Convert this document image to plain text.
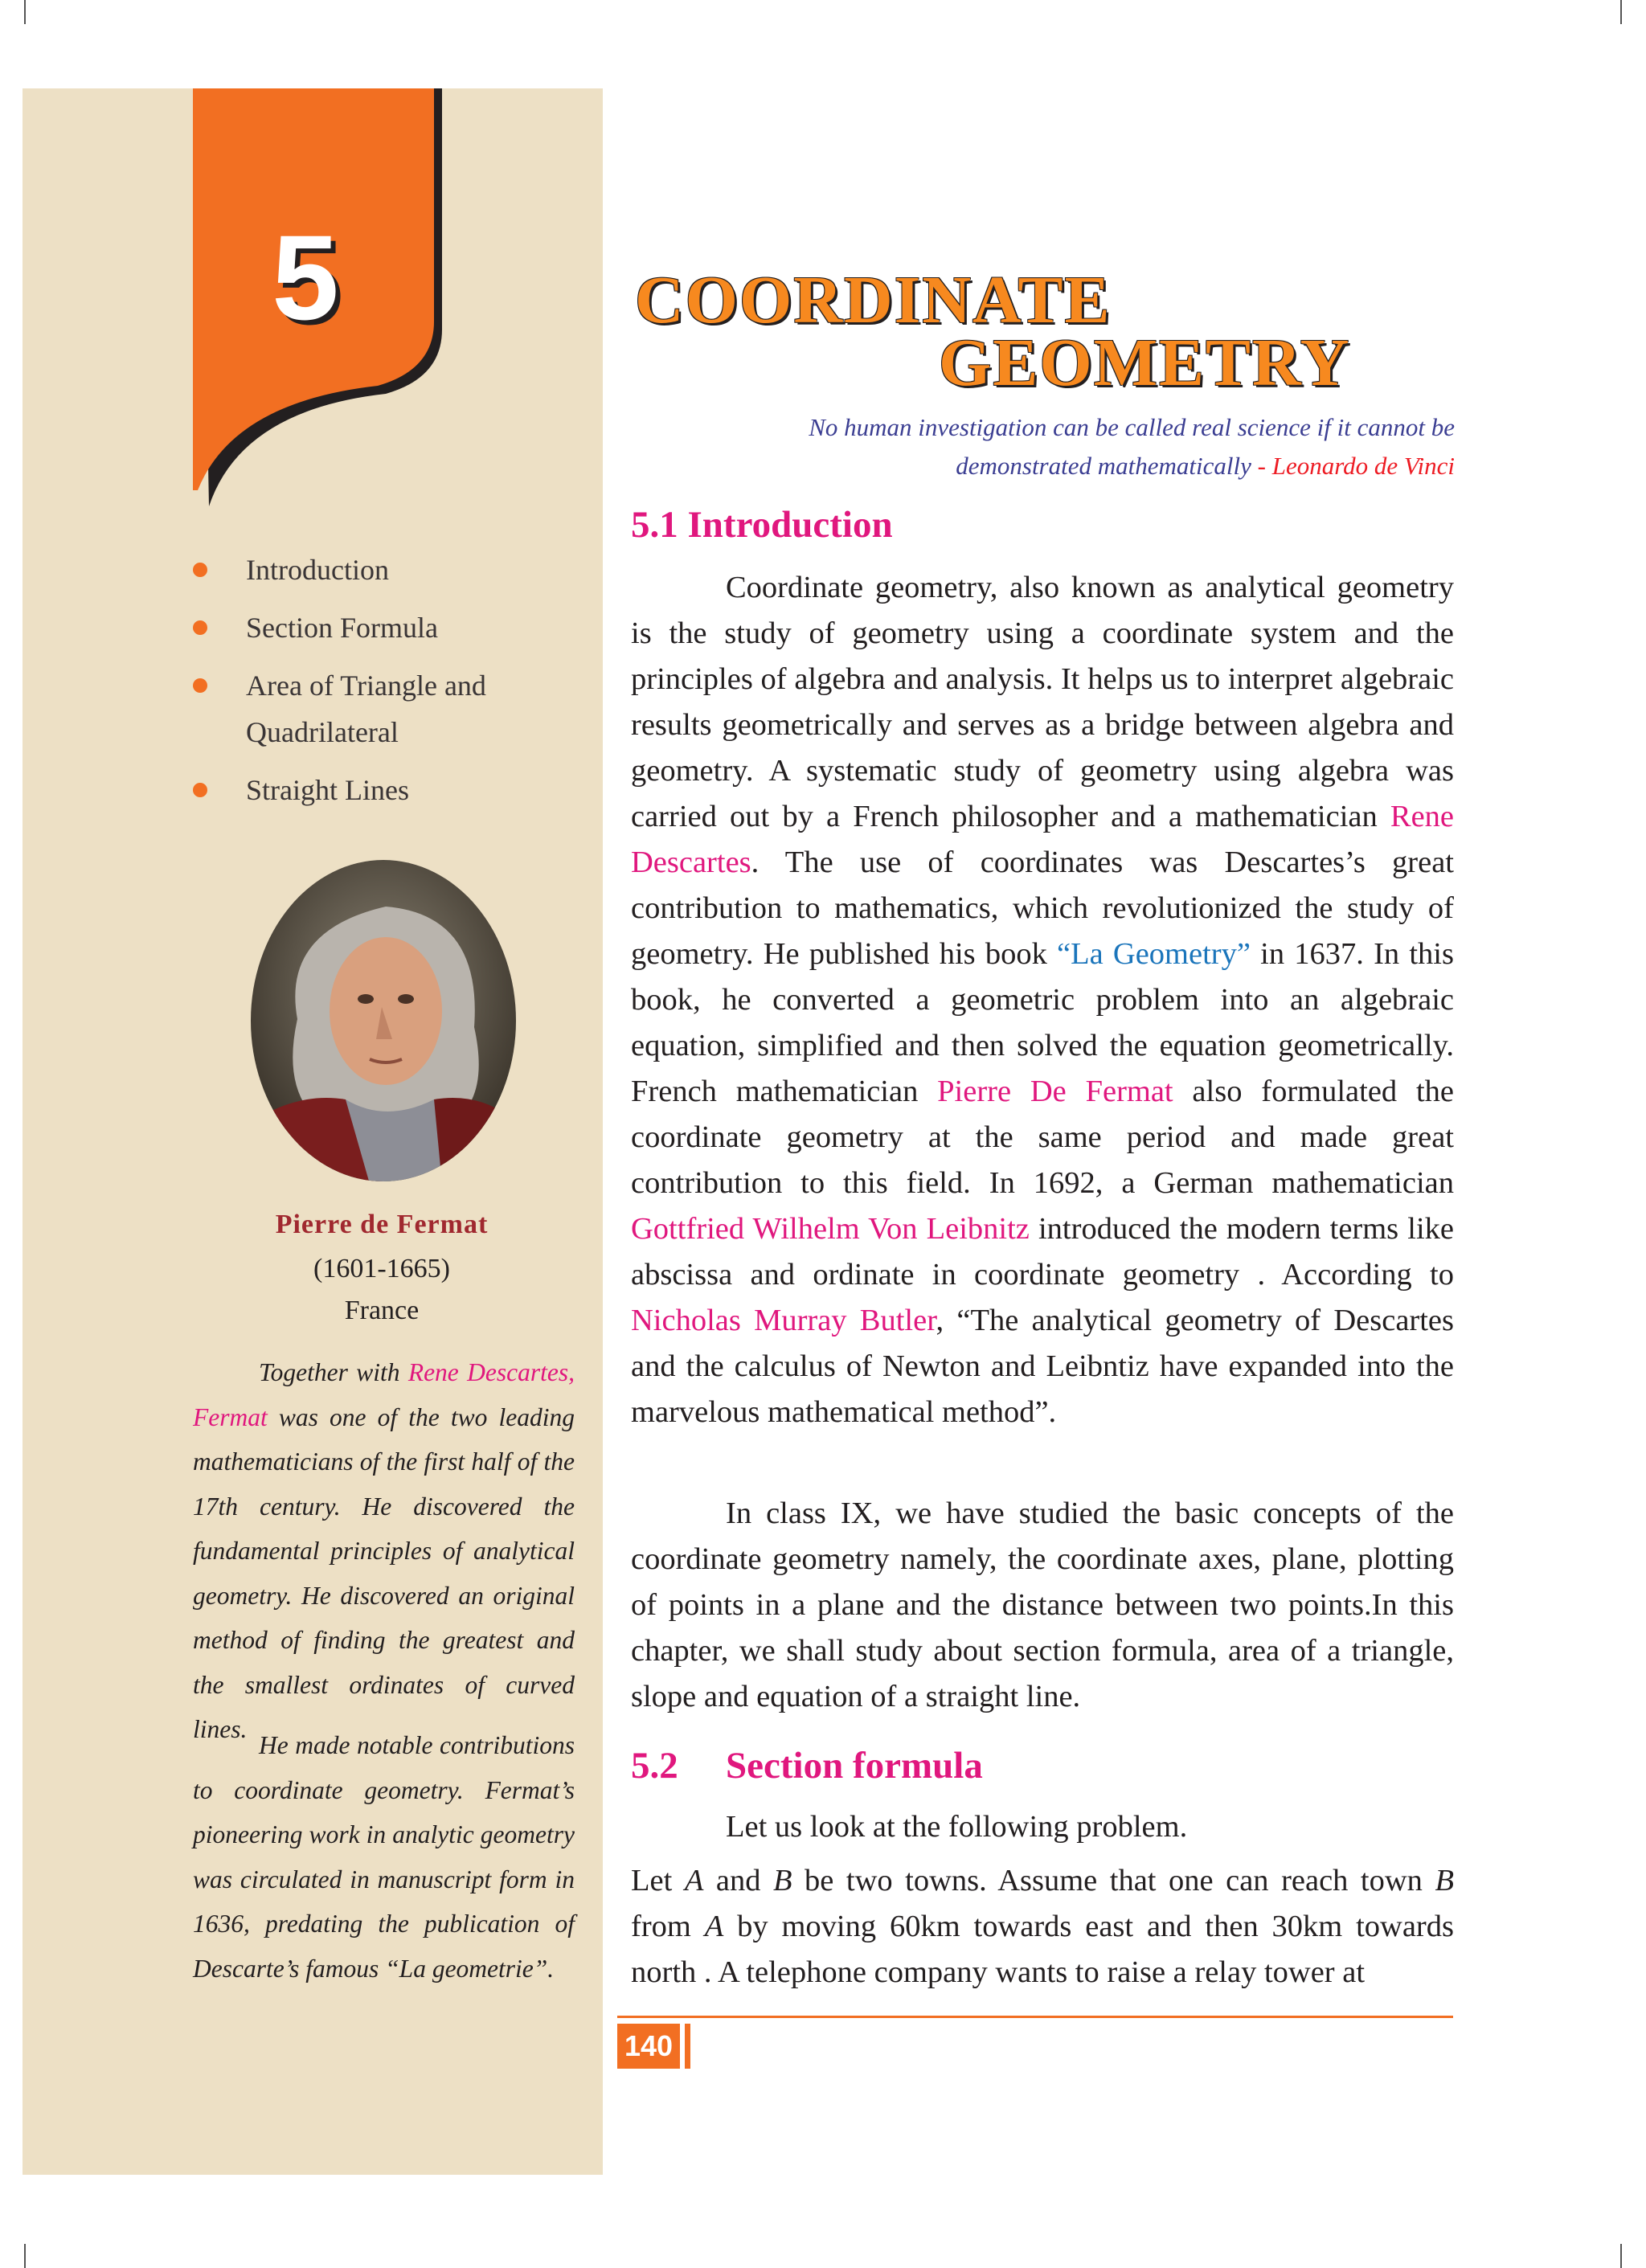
5
Introduction
Section Formula
Area of Triangle and Quadrilateral
Straight Lines
Pierre de Fermat
(1601-1665)
France

Together with Rene Descartes, Fermat was one of the two leading mathematicians of the first half of the 17th century. He discovered the fundamental principles of analytical geometry. He discovered an original method of finding the greatest and the smallest ordinates of curved lines.

He made notable contributions to coordinate geometry. Fermat’s pioneering work in analytic geometry was circulated in manuscript form in 1636, predating the publication of Descarte’s famous “La geometrie”.

COORDINATE
GEOMETRY
No human investigation can be called real science if it cannot be
demonstrated mathematically - Leonardo de Vinci
5.1 Introduction

Coordinate geometry, also known as analytical geometry is the study of geometry using a coordinate system and the principles of algebra and analysis. It helps us to interpret algebraic results geometrically and serves as a bridge between algebra and geometry. A systematic study of geometry using algebra was carried out by a French philosopher and a mathematician Rene Descartes. The use of coordinates was Descartes’s great contribution to mathematics, which revolutionized the study of geometry. He published his book “La Geometry” in 1637. In this book, he converted a geometric problem into an algebraic equation, simplified and then solved the equation geometrically. French mathematician Pierre De Fermat also formulated the coordinate geometry at the same period and made great contribution to this field. In 1692, a German mathematician Gottfried Wilhelm Von Leibnitz introduced the modern terms like abscissa and ordinate in coordinate geometry . According to Nicholas Murray Butler, “The analytical geometry of Descartes and the calculus of Newton and Leibntiz have expanded into the marvelous mathematical method”.

In class IX, we have studied the basic concepts of the coordinate geometry namely, the coordinate axes, plane, plotting of points in a plane and the distance between two points.In this chapter, we shall study about section formula, area of a triangle, slope and equation of a straight line.

5.2 Section formula

Let us look at the following problem.

Let A and B be two towns. Assume that one can reach town B from A by moving 60km towards east and then 30km towards north . A telephone company wants to raise a relay tower at

140
